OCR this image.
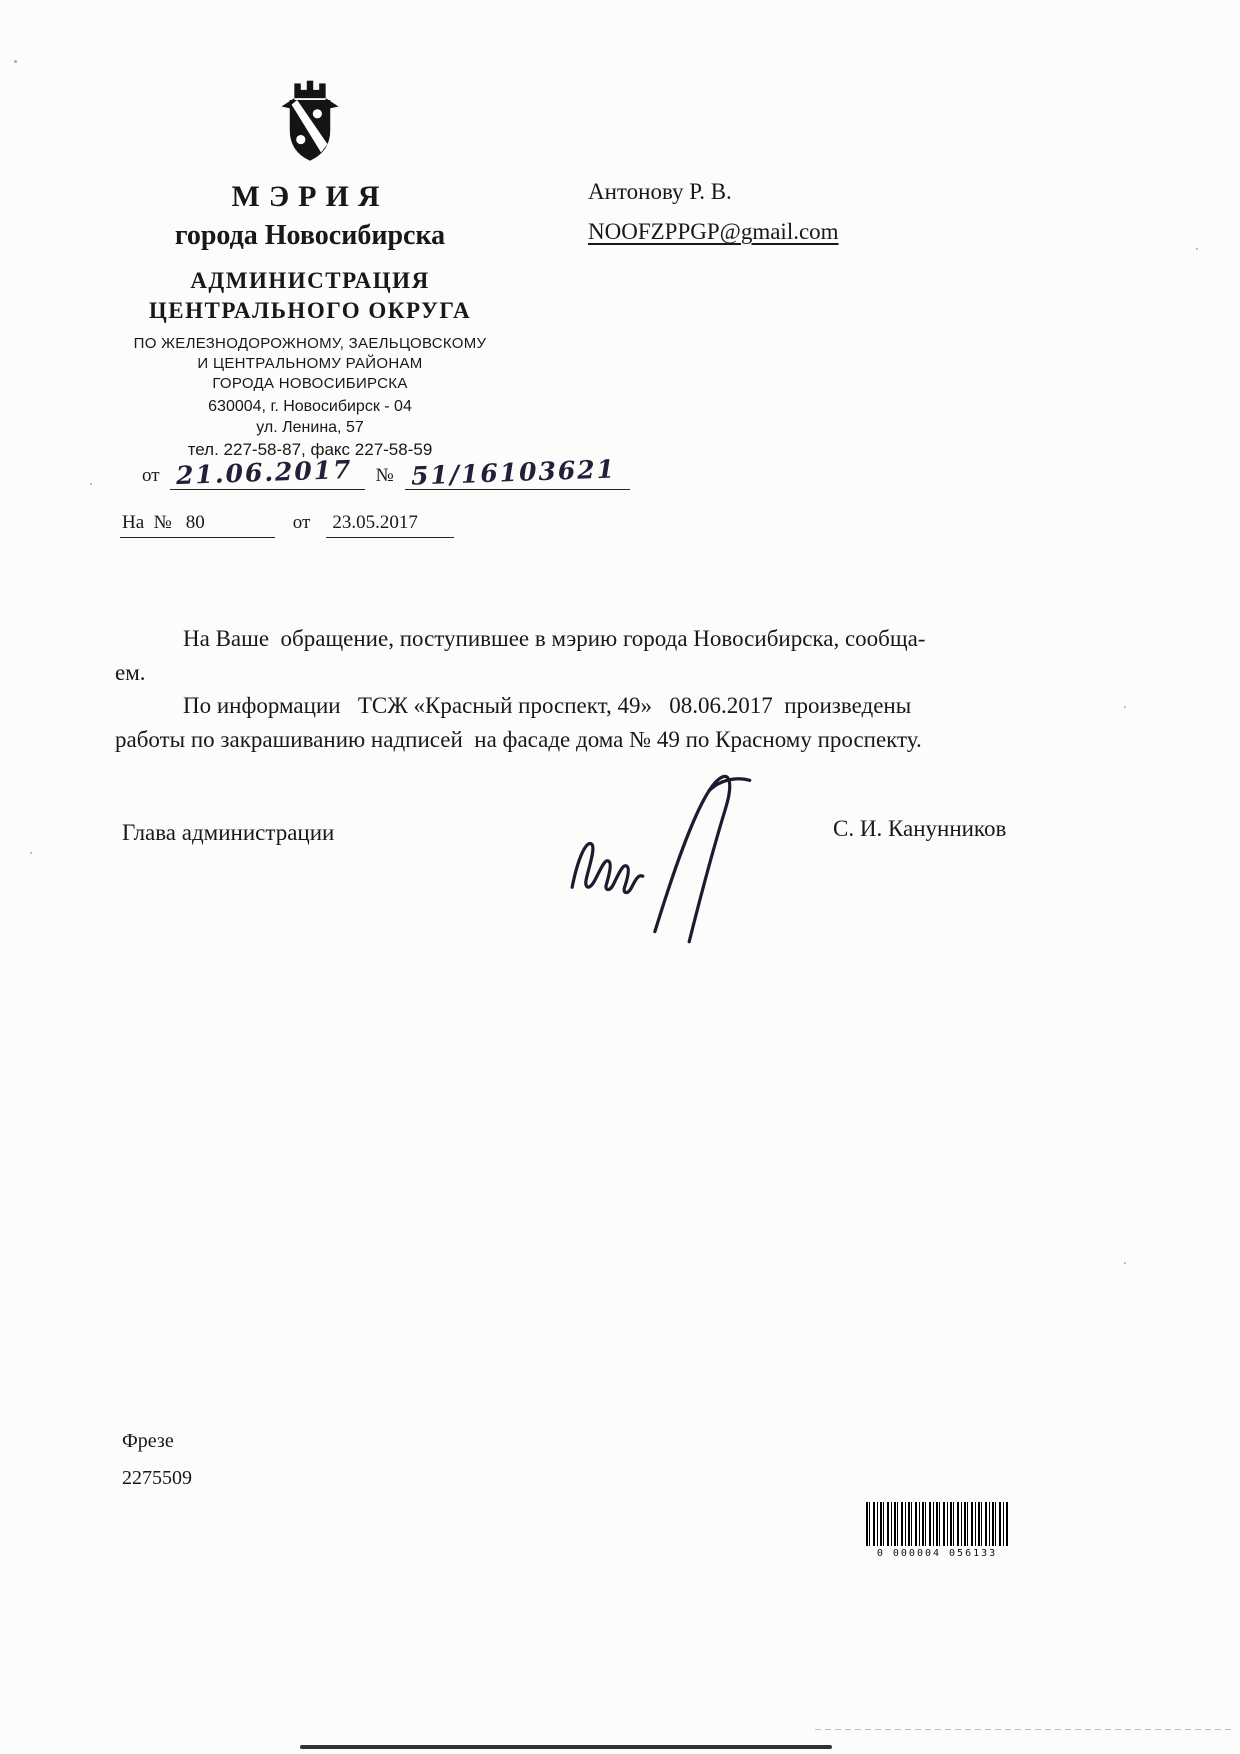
МЭРИЯ
города Новосибирска
АДМИНИСТРАЦИЯ
ЦЕНТРАЛЬНОГО ОКРУГА
ПО ЖЕЛЕЗНОДОРОЖНОМУ, ЗАЕЛЬЦОВСКОМУ
И ЦЕНТРАЛЬНОМУ РАЙОНАМ
ГОРОДА НОВОСИБИРСКА
630004, г. Новосибирск - 04
ул. Ленина, 57
тел. 227-58-87, факс 227-58-59
от 21.06.2017 № 51/16103621
На  № 80	от 23.05.2017
Антонову Р. В.
NOOFZPPGP@gmail.com
На Ваше  обращение, поступившее в мэрию города Новосибирска, сообща-
ем.
По информации   ТСЖ «Красный проспект, 49»   08.06.2017  произведены
работы по закрашиванию надписей  на фасаде дома № 49 по Красному проспекту.
Глава администрации	С. И. Канунников
Фрезе
2275509
0 000004 056133
